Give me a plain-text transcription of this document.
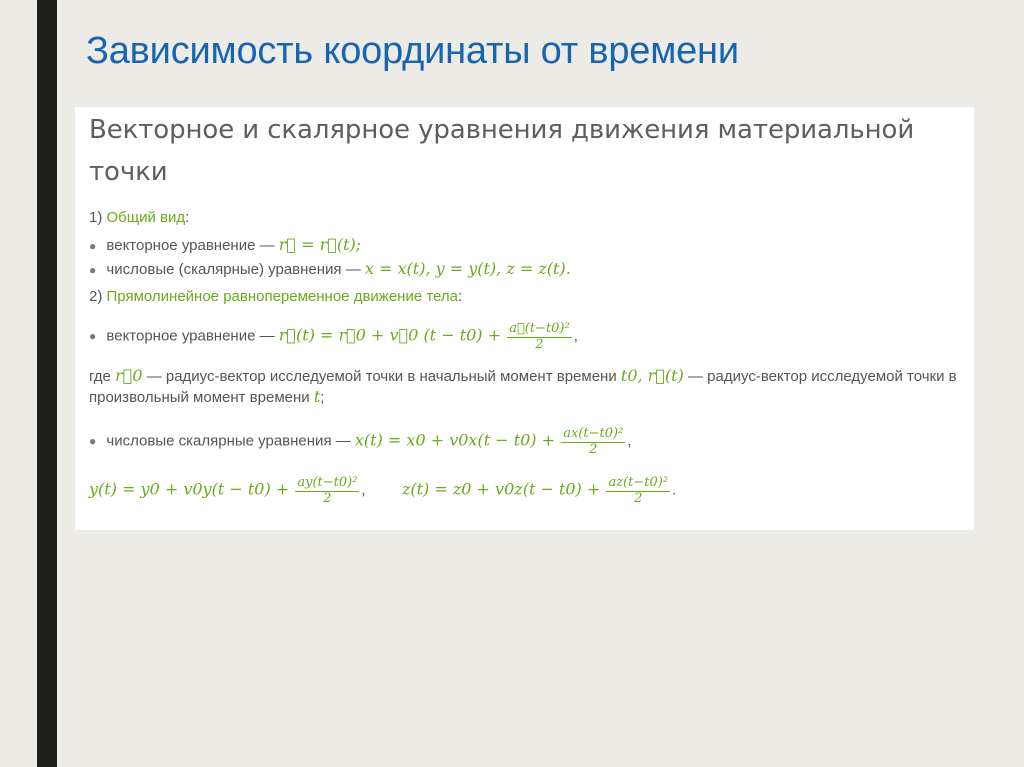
Зависимость координаты от времени
Векторное и скалярное уравнения движения материальной точки
1) Общий вид:
● векторное уравнение — r⃗ = r⃗(t);
● числовые (скалярные) уравнения — x = x(t), y = y(t), z = z(t).
2) Прямолинейное равнопеременное движение тела:
● векторное уравнение — r⃗(t) = r⃗0 + v⃗0 $(t - t0) + \frac{\text{a⃗(t−t0)²}}{2}$ ,
где r⃗0 — радиус-вектор исследуемой точки в начальный момент времени t0, r⃗(t) — радиус-вектор исследуемой точки в произвольный момент времени t;
● числовые скалярные уравнения — $x(t) = x0 + v0x(t - t0) + \frac{\text{ax(t−t0)²}}{2}$ ,
$y(t) = y0 + v0y(t - t0) + \frac{\text{ay(t−t0)²}}{2}$ , $z(t) = z0 + v0z(t - t0) + \frac{\text{az(t−t0)²}}{2}$ .
